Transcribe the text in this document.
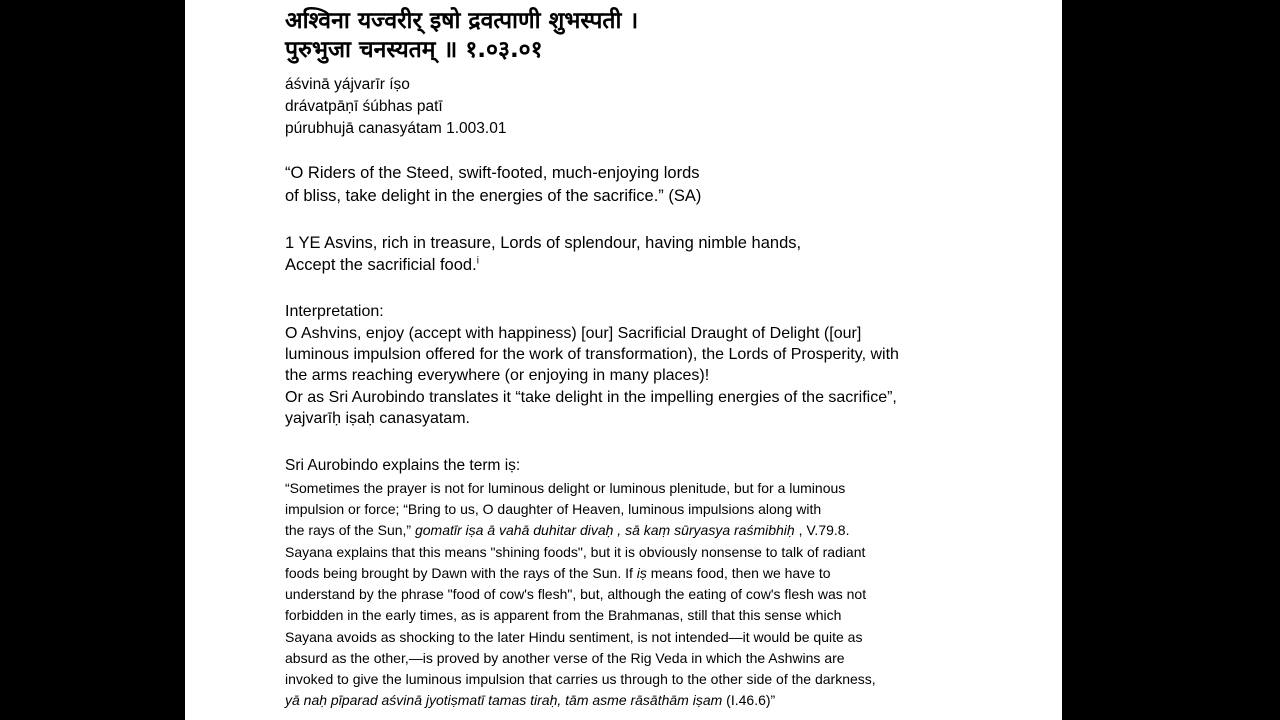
अश्विना यज्वरीर् इषो द्रवत्पाणी शुभस्पती ।
पुरुभुजा चनस्यतम् ॥ १.०३.०१
áśvinā yájvarīr íṣo
drávatpāṇī śúbhas patī
púrubhujā canasyátam 1.003.01
“O Riders of the Steed, swift-footed, much-enjoying lords
of bliss, take delight in the energies of the sacrifice.” (SA)
1 YE Asvins, rich in treasure, Lords of splendour, having nimble hands,
Accept the sacrificial food.$^i$
Interpretation:
O Ashvins, enjoy (accept with happiness) [our] Sacrificial Draught of Delight ([our]
luminous impulsion offered for the work of transformation), the Lords of Prosperity, with
the arms reaching everywhere (or enjoying in many places)!
Or as Sri Aurobindo translates it “take delight in the impelling energies of the sacrifice”,
yajvarīḥ iṣaḥ canasyatam.
Sri Aurobindo explains the term iṣ:
“Sometimes the prayer is not for luminous delight or luminous plenitude, but for a luminous
impulsion or force; “Bring to us, O daughter of Heaven, luminous impulsions along with
the rays of the Sun,” gomatīr iṣa ā vahā duhitar divaḥ , sā kaṃ sūryasya raśmibhiḥ , V.79.8.
Sayana explains that this means "shining foods", but it is obviously nonsense to talk of radiant
foods being brought by Dawn with the rays of the Sun. If iṣ means food, then we have to
understand by the phrase "food of cow's flesh", but, although the eating of cow's flesh was not
forbidden in the early times, as is apparent from the Brahmanas, still that this sense which
Sayana avoids as shocking to the later Hindu sentiment, is not intended—it would be quite as
absurd as the other,—is proved by another verse of the Rig Veda in which the Ashwins are
invoked to give the luminous impulsion that carries us through to the other side of the darkness,
yā naḥ pīparad aśvinā jyotiṣmatī tamas tiraḥ, tām asme rāsāthām iṣam (I.46.6)”
